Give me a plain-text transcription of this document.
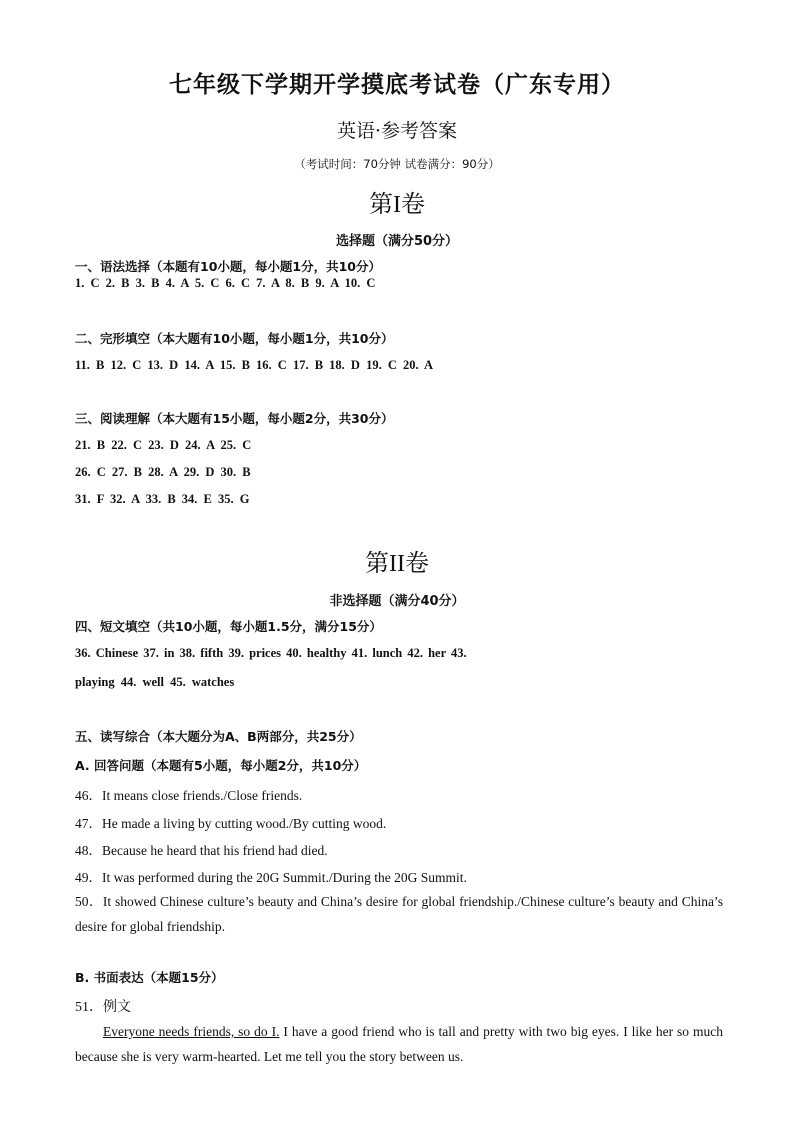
七年级下学期开学摸底考试卷（广东专用）
英语·参考答案
（考试时间：70分钟 试卷满分：90分）
第I卷
选择题（满分50分）
一、语法选择（本题有10小题，每小题1分，共10分）
1. C 2. B 3. B 4. A 5. C 6. C 7. A 8. B 9. A 10. C
二、完形填空（本大题有10小题，每小题1分，共10分）
11. B 12. C 13. D 14. A 15. B 16. C 17. B 18. D 19. C 20. A
三、阅读理解（本大题有15小题，每小题2分，共30分）
21. B 22. C 23. D 24. A 25. C
26. C 27. B 28. A 29. D 30. B
31. F 32. A 33. B 34. E 35. G
第II卷
非选择题（满分40分）
四、短文填空（共10小题，每小题1.5分，满分15分）
36. Chinese 37. in 38. fifth 39. prices 40. healthy 41. lunch 42. her 43.
playing 44. well 45. watches
五、读写综合（本大题分为A、B两部分，共25分）
A. 回答问题（本题有5小题，每小题2分，共10分）
46．It means close friends./Close friends.
47．He made a living by cutting wood./By cutting wood.
48．Because he heard that his friend had died.
49．It was performed during the 20G Summit./During the 20G Summit.
50．It showed Chinese culture’s beauty and China’s desire for global friendship./Chinese culture’s beauty and China’s desire for global friendship.
B. 书面表达（本题15分）
51．例文
Everyone needs friends, so do I. I have a good friend who is tall and pretty with two big eyes. I like her so much because she is very warm-hearted. Let me tell you the story between us.
